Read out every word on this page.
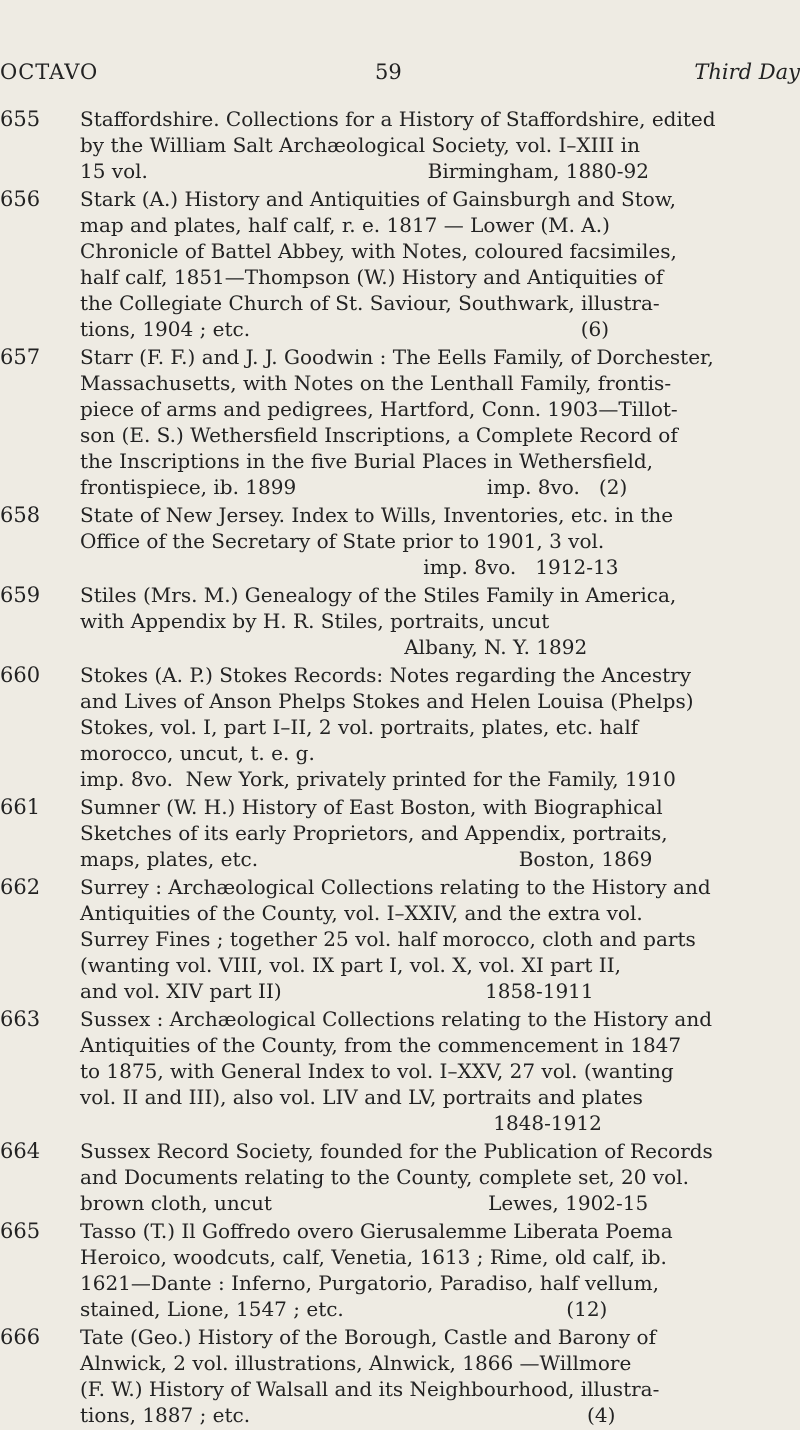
OCTAVO	59	Third Day
655 Staffordshire. Collections for a History of Staffordshire, edited
by the William Salt Archæological Society, vol. I–XIII in
15 vol.                                            Birmingham, 1880-92
656 Stark (A.) History and Antiquities of Gainsburgh and Stow,
map and plates, half calf, r. e. 1817 — Lower (M. A.)
Chronicle of Battel Abbey, with Notes, coloured facsimiles,
half calf, 1851—Thompson (W.) History and Antiquities of
the Collegiate Church of St. Saviour, Southwark, illustra-
tions, 1904 ; etc.                                                    (6)
657 Starr (F. F.) and J. J. Goodwin : The Eells Family, of Dorchester,
Massachusetts, with Notes on the Lenthall Family, frontis-
piece of arms and pedigrees, Hartford, Conn. 1903—Tillot-
son (E. S.) Wethersfield Inscriptions, a Complete Record of
the Inscriptions in the five Burial Places in Wethersfield,
frontispiece, ib. 1899                              imp. 8vo.   (2)
658 State of New Jersey. Index to Wills, Inventories, etc. in the
Office of the Secretary of State prior to 1901, 3 vol.
imp. 8vo.   1912-13
659 Stiles (Mrs. M.) Genealogy of the Stiles Family in America,
with Appendix by H. R. Stiles, portraits, uncut
Albany, N. Y. 1892
660 Stokes (A. P.) Stokes Records: Notes regarding the Ancestry
and Lives of Anson Phelps Stokes and Helen Louisa (Phelps)
Stokes, vol. I, part I–II, 2 vol. portraits, plates, etc. half
morocco, uncut, t. e. g.
imp. 8vo.  New York, privately printed for the Family, 1910
661 Sumner (W. H.) History of East Boston, with Biographical
Sketches of its early Proprietors, and Appendix, portraits,
maps, plates, etc.                                         Boston, 1869
662 Surrey : Archæological Collections relating to the History and
Antiquities of the County, vol. I–XXIV, and the extra vol.
Surrey Fines ; together 25 vol. half morocco, cloth and parts
(wanting vol. VIII, vol. IX part I, vol. X, vol. XI part II,
and vol. XIV part II)                                1858-1911
663 Sussex : Archæological Collections relating to the History and
Antiquities of the County, from the commencement in 1847
to 1875, with General Index to vol. I–XXV, 27 vol. (wanting
vol. II and III), also vol. LIV and LV, portraits and plates
1848-1912
664 Sussex Record Society, founded for the Publication of Records
and Documents relating to the County, complete set, 20 vol.
brown cloth, uncut                                  Lewes, 1902-15
665 Tasso (T.) Il Goffredo overo Gierusalemme Liberata Poema
Heroico, woodcuts, calf, Venetia, 1613 ; Rime, old calf, ib.
1621—Dante : Inferno, Purgatorio, Paradiso, half vellum,
stained, Lione, 1547 ; etc.                                   (12)
666 Tate (Geo.) History of the Borough, Castle and Barony of
Alnwick, 2 vol. illustrations, Alnwick, 1866 —Willmore
(F. W.) History of Walsall and its Neighbourhood, illustra-
tions, 1887 ; etc.                                                     (4)
